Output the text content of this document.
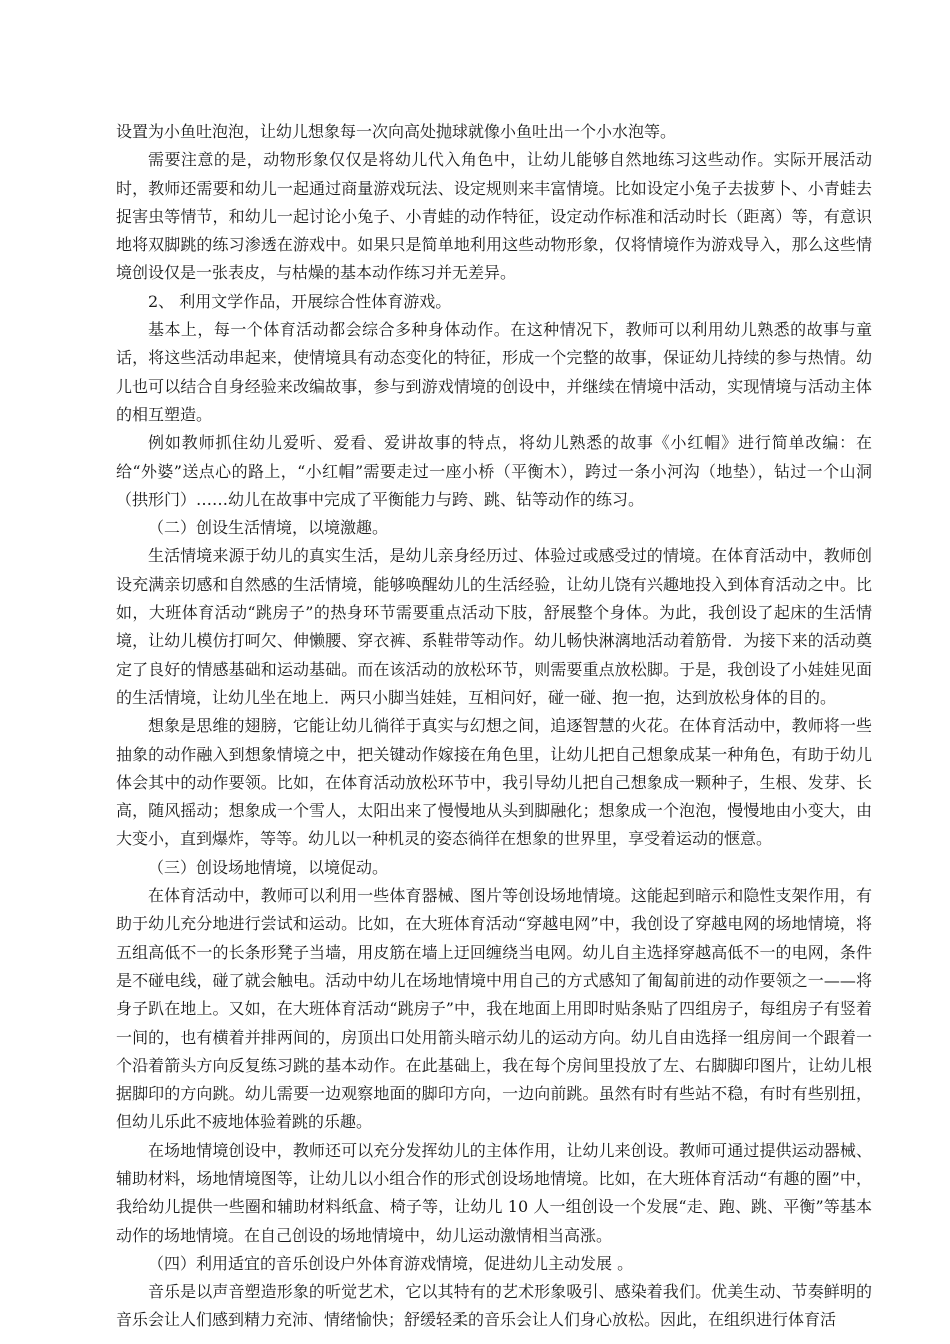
设置为小鱼吐泡泡，让幼儿想象每一次向高处抛球就像小鱼吐出一个小水泡等。

需要注意的是，动物形象仅仅是将幼儿代入角色中，让幼儿能够自然地练习这些动作。实际开展活动时，教师还需要和幼儿一起通过商量游戏玩法、设定规则来丰富情境。比如设定小兔子去拔萝卜、小青蛙去捉害虫等情节，和幼儿一起讨论小兔子、小青蛙的动作特征，设定动作标准和活动时长（距离）等，有意识地将双脚跳的练习渗透在游戏中。如果只是简单地利用这些动物形象，仅将情境作为游戏导入，那么这些情境创设仅是一张表皮，与枯燥的基本动作练习并无差异。

2、 利用文学作品，开展综合性体育游戏。

基本上，每一个体育活动都会综合多种身体动作。在这种情况下，教师可以利用幼儿熟悉的故事与童话，将这些活动串起来，使情境具有动态变化的特征，形成一个完整的故事，保证幼儿持续的参与热情。幼儿也可以结合自身经验来改编故事，参与到游戏情境的创设中，并继续在情境中活动，实现情境与活动主体的相互塑造。

例如教师抓住幼儿爱听、爱看、爱讲故事的特点，将幼儿熟悉的故事《小红帽》进行简单改编：在给“外婆”送点心的路上，“小红帽”需要走过一座小桥（平衡木），跨过一条小河沟（地垫），钻过一个山洞（拱形门）……幼儿在故事中完成了平衡能力与跨、跳、钻等动作的练习。

（二）创设生活情境，以境激趣。

生活情境来源于幼儿的真实生活，是幼儿亲身经历过、体验过或感受过的情境。在体育活动中，教师创设充满亲切感和自然感的生活情境，能够唤醒幼儿的生活经验，让幼儿饶有兴趣地投入到体育活动之中。比如，大班体育活动“跳房子”的热身环节需要重点活动下肢，舒展整个身体。为此，我创设了起床的生活情境，让幼儿模仿打呵欠、伸懒腰、穿衣裤、系鞋带等动作。幼儿畅快淋漓地活动着筋骨．为接下来的活动奠定了良好的情感基础和运动基础。而在该活动的放松环节，则需要重点放松脚。于是，我创设了小娃娃见面的生活情境，让幼儿坐在地上．两只小脚当娃娃，互相问好，碰一碰、抱一抱，达到放松身体的目的。

想象是思维的翅膀，它能让幼儿徜徉于真实与幻想之间，追逐智慧的火花。在体育活动中，教师将一些抽象的动作融入到想象情境之中，把关键动作嫁接在角色里，让幼儿把自己想象成某一种角色，有助于幼儿体会其中的动作要领。比如，在体育活动放松环节中，我引导幼儿把自己想象成一颗种子，生根、发芽、长高，随风摇动；想象成一个雪人，太阳出来了慢慢地从头到脚融化；想象成一个泡泡，慢慢地由小变大，由大变小，直到爆炸，等等。幼儿以一种机灵的姿态徜徉在想象的世界里，享受着运动的惬意。

（三）创设场地情境，以境促动。

在体育活动中，教师可以利用一些体育器械、图片等创设场地情境。这能起到暗示和隐性支架作用，有助于幼儿充分地进行尝试和运动。比如，在大班体育活动“穿越电网”中，我创设了穿越电网的场地情境，将五组高低不一的长条形凳子当墙，用皮筋在墙上迂回缠绕当电网。幼儿自主选择穿越高低不一的电网，条件是不碰电线，碰了就会触电。活动中幼儿在场地情境中用自己的方式感知了匍匐前进的动作要领之一——将身子趴在地上。又如，在大班体育活动“跳房子”中，我在地面上用即时贴条贴了四组房子，每组房子有竖着一间的，也有横着并排两间的，房顶出口处用箭头暗示幼儿的运动方向。幼儿自由选择一组房间一个跟着一个沿着箭头方向反复练习跳的基本动作。在此基础上，我在每个房间里投放了左、右脚脚印图片，让幼儿根据脚印的方向跳。幼儿需要一边观察地面的脚印方向，一边向前跳。虽然有时有些站不稳，有时有些别扭，但幼儿乐此不疲地体验着跳的乐趣。

在场地情境创设中，教师还可以充分发挥幼儿的主体作用，让幼儿来创设。教师可通过提供运动器械、辅助材料，场地情境图等，让幼儿以小组合作的形式创设场地情境。比如，在大班体育活动“有趣的圈”中，我给幼儿提供一些圈和辅助材料纸盒、椅子等，让幼儿 10 人一组创设一个发展“走、跑、跳、平衡”等基本动作的场地情境。在自己创设的场地情境中，幼儿运动激情相当高涨。

（四）利用适宜的音乐创设户外体育游戏情境，促进幼儿主动发展 。

音乐是以声音塑造形象的听觉艺术，它以其特有的艺术形象吸引、感染着我们。优美生动、节奏鲜明的音乐会让人们感到精力充沛、情绪愉快；舒缓轻柔的音乐会让人们身心放松。因此，在组织进行体育活
